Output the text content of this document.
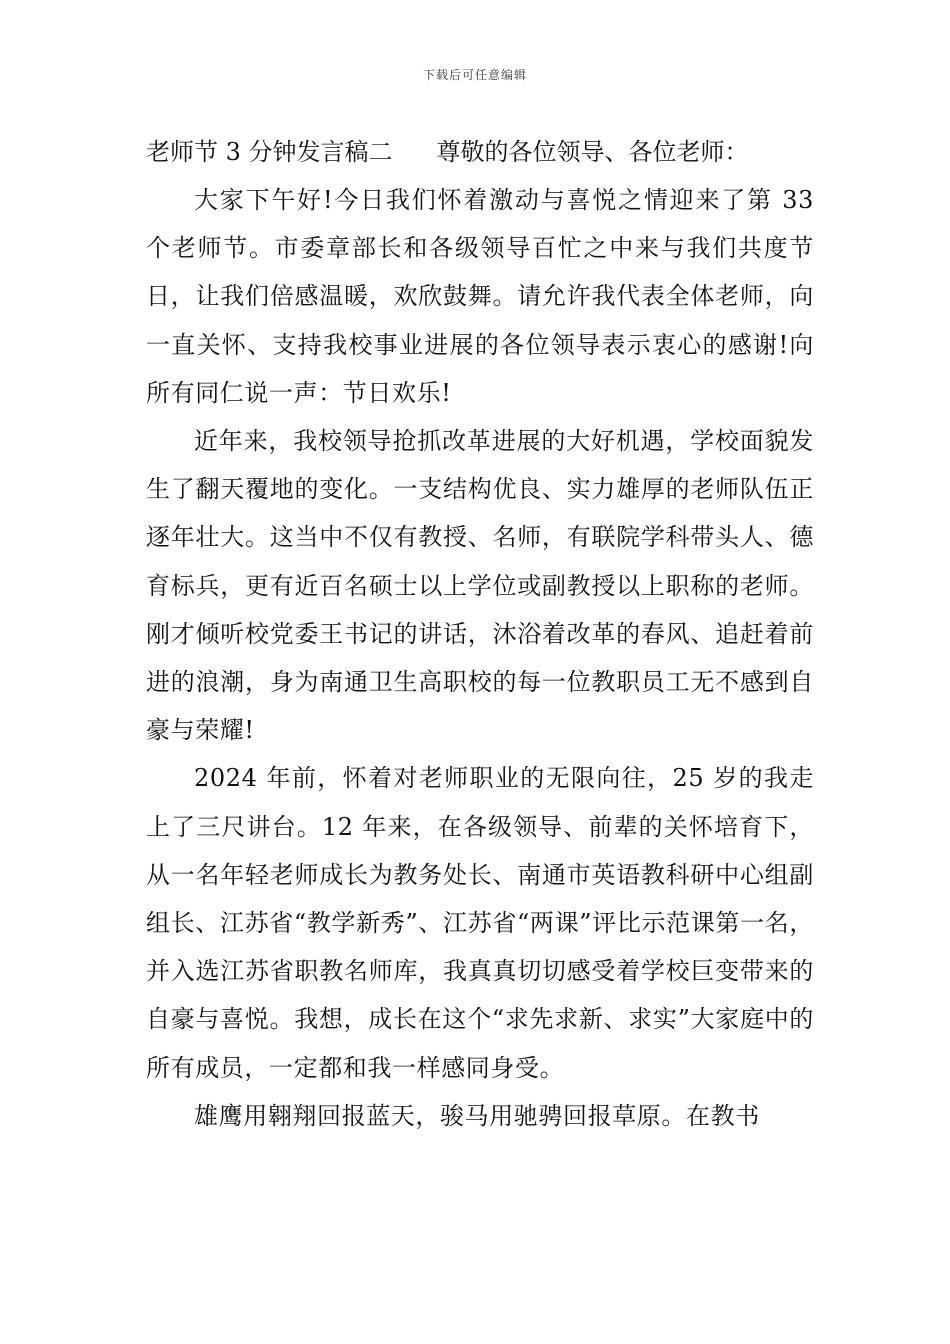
下载后可任意编辑
老师节 3 分钟发言稿二 尊敬的各位领导、各位老师：

大家下午好!今日我们怀着激动与喜悦之情迎来了第 33 个老师节。市委章部长和各级领导百忙之中来与我们共度节日，让我们倍感温暖，欢欣鼓舞。请允许我代表全体老师，向一直关怀、支持我校事业进展的各位领导表示衷心的感谢!向所有同仁说一声：节日欢乐!

近年来，我校领导抢抓改革进展的大好机遇，学校面貌发生了翻天覆地的变化。一支结构优良、实力雄厚的老师队伍正逐年壮大。这当中不仅有教授、名师，有联院学科带头人、德育标兵，更有近百名硕士以上学位或副教授以上职称的老师。刚才倾听校党委王书记的讲话，沐浴着改革的春风、追赶着前进的浪潮，身为南通卫生高职校的每一位教职员工无不感到自豪与荣耀!

2024 年前，怀着对老师职业的无限向往，25 岁的我走上了三尺讲台。12 年来，在各级领导、前辈的关怀培育下，从一名年轻老师成长为教务处长、南通市英语教科研中心组副组长、江苏省“教学新秀”、江苏省“两课”评比示范课第一名，并入选江苏省职教名师库，我真真切切感受着学校巨变带来的自豪与喜悦。我想，成长在这个“求先求新、求实”大家庭中的所有成员，一定都和我一样感同身受。

雄鹰用翱翔回报蓝天，骏马用驰骋回报草原。在教书
